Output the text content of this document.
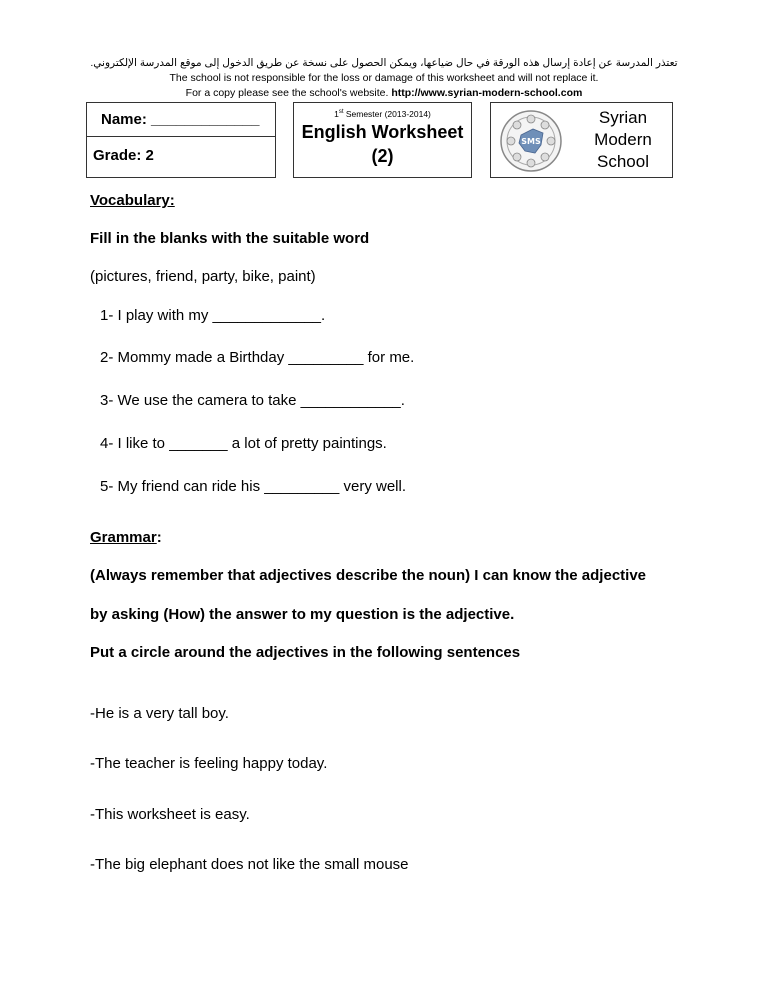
تعتذر المدرسة عن إعادة إرسال هذه الورقة في حال ضياعها، ويمكن الحصول على نسخة عن طريق الدخول إلى موقع المدرسة الإلكتروني.
The school is not responsible for the loss or damage of this worksheet and will not replace it.
For a copy please see the school's website. http://www.syrian-modern-school.com
Name: _____________
Grade: 2
1st Semester (2013-2014)
English Worksheet
(2)
SMS
Syrian
Modern
School
Vocabulary:
Fill in the blanks with the suitable word
(pictures, friend, party, bike, paint)
1- I play with my _____________.
2- Mommy made a Birthday _________ for me.
3- We use the camera to take ____________.
4- I like to _______ a lot of pretty paintings.
5- My friend can ride his _________ very well.
Grammar:
(Always remember that adjectives describe the noun) I can know the adjective
by asking (How) the answer to my question is the adjective.
Put a circle around the adjectives in the following sentences
-He is a very tall boy.
-The teacher is feeling happy today.
-This worksheet is easy.
-The big elephant does not like the small mouse
